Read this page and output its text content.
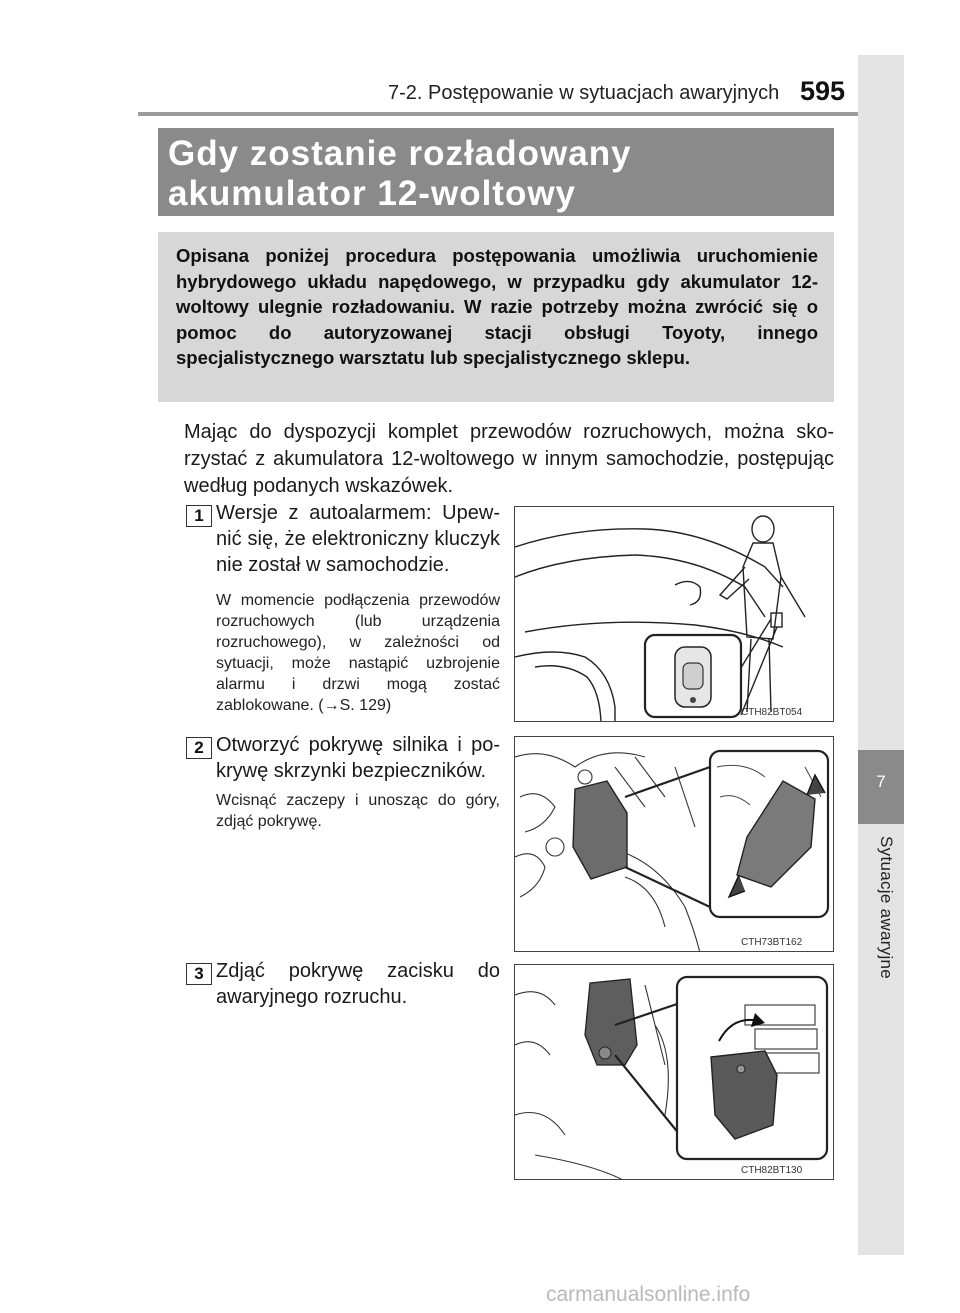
7-2. Postępowanie w sytuacjach awaryjnych 595
7
Sytuacje awaryjne
Gdy zostanie rozładowany akumulator 12-woltowy
Opisana poniżej procedura postępowania umożliwia uruchomienie hybrydowego układu napędowego, w przypadku gdy akumulator 12-woltowy ulegnie rozładowaniu. W razie potrzeby można zwrócić się o pomoc do autoryzowanej stacji obsługi Toyoty, innego specjalistycznego warsztatu lub specjalistycznego sklepu.
Mając do dyspozycji komplet przewodów rozruchowych, można skorzystać z akumulatora 12-woltowego w innym samochodzie, postępując według podanych wskazówek.
1 Wersje z autoalarmem: Upewnić się, że elektroniczny kluczyk nie został w samochodzie.
W momencie podłączenia przewodów rozruchowych (lub urządzenia rozruchowego), w zależności od sytuacji, może nastąpić uzbrojenie alarmu i drzwi mogą zostać zablokowane. (→S. 129)	CTH82BT054
2 Otworzyć pokrywę silnika i pokrywę skrzynki bezpieczników.
Wcisnąć zaczepy i unosząc do góry, zdjąć pokrywę.
CTH73BT162
3 Zdjąć pokrywę zacisku do awaryjnego rozruchu.
CTH82BT130
carmanualsonline.info
